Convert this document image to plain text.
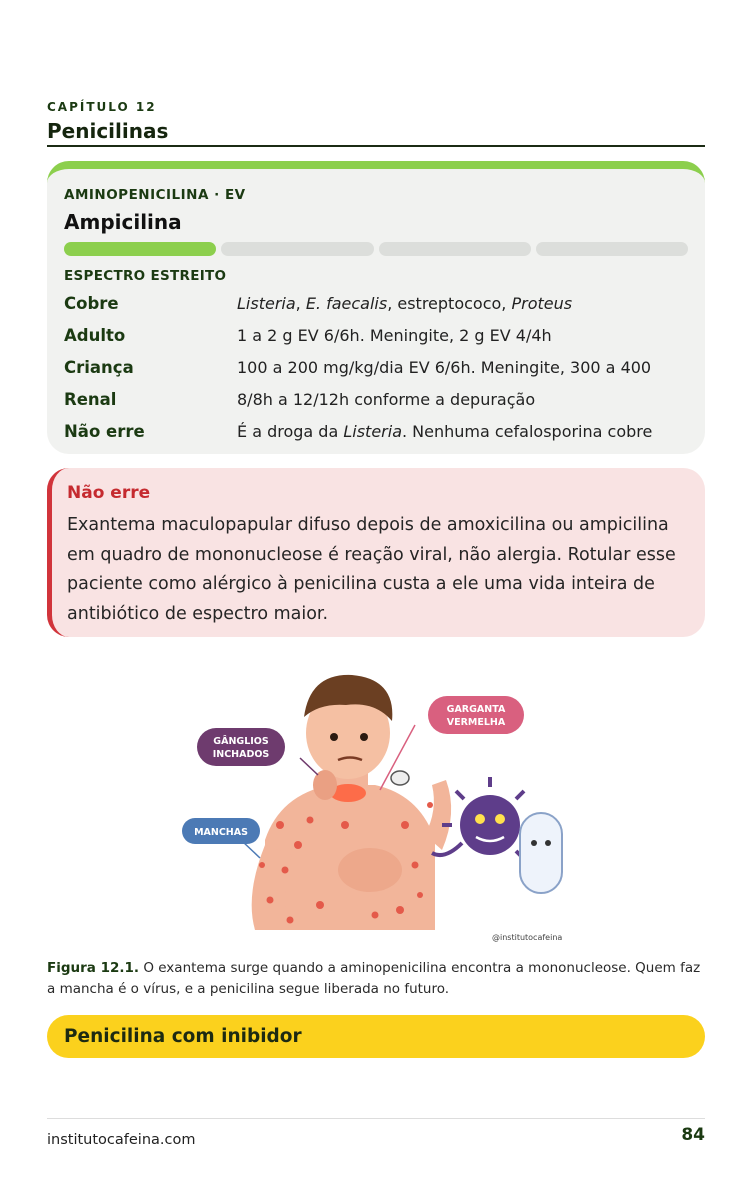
CAPÍTULO 12
Penicilinas
AMINOPENICILINA · EV
Ampicilina
ESPECTRO ESTREITO
Cobre	Listeria, E. faecalis, estreptococo, Proteus
Adulto	1 a 2 g EV 6/6h. Meningite, 2 g EV 4/4h
Criança	100 a 200 mg/kg/dia EV 6/6h. Meningite, 300 a 400
Renal	8/8h a 12/12h conforme a depuração
Não erre	É a droga da Listeria. Nenhuma cefalosporina cobre
Não erre
Exantema maculopapular difuso depois de amoxicilina ou ampicilina em quadro de mononucleose é reação viral, não alergia. Rotular esse paciente como alérgico à penicilina custa a ele uma vida inteira de antibiótico de espectro maior.
GÂNGLIOS
INCHADOS
GARGANTA
VERMELHA
MANCHAS
@institutocafeina
Figura 12.1. O exantema surge quando a aminopenicilina encontra a mononucleose. Quem faz a mancha é o vírus, e a penicilina segue liberada no futuro.
Penicilina com inibidor
institutocafeina.com	84
